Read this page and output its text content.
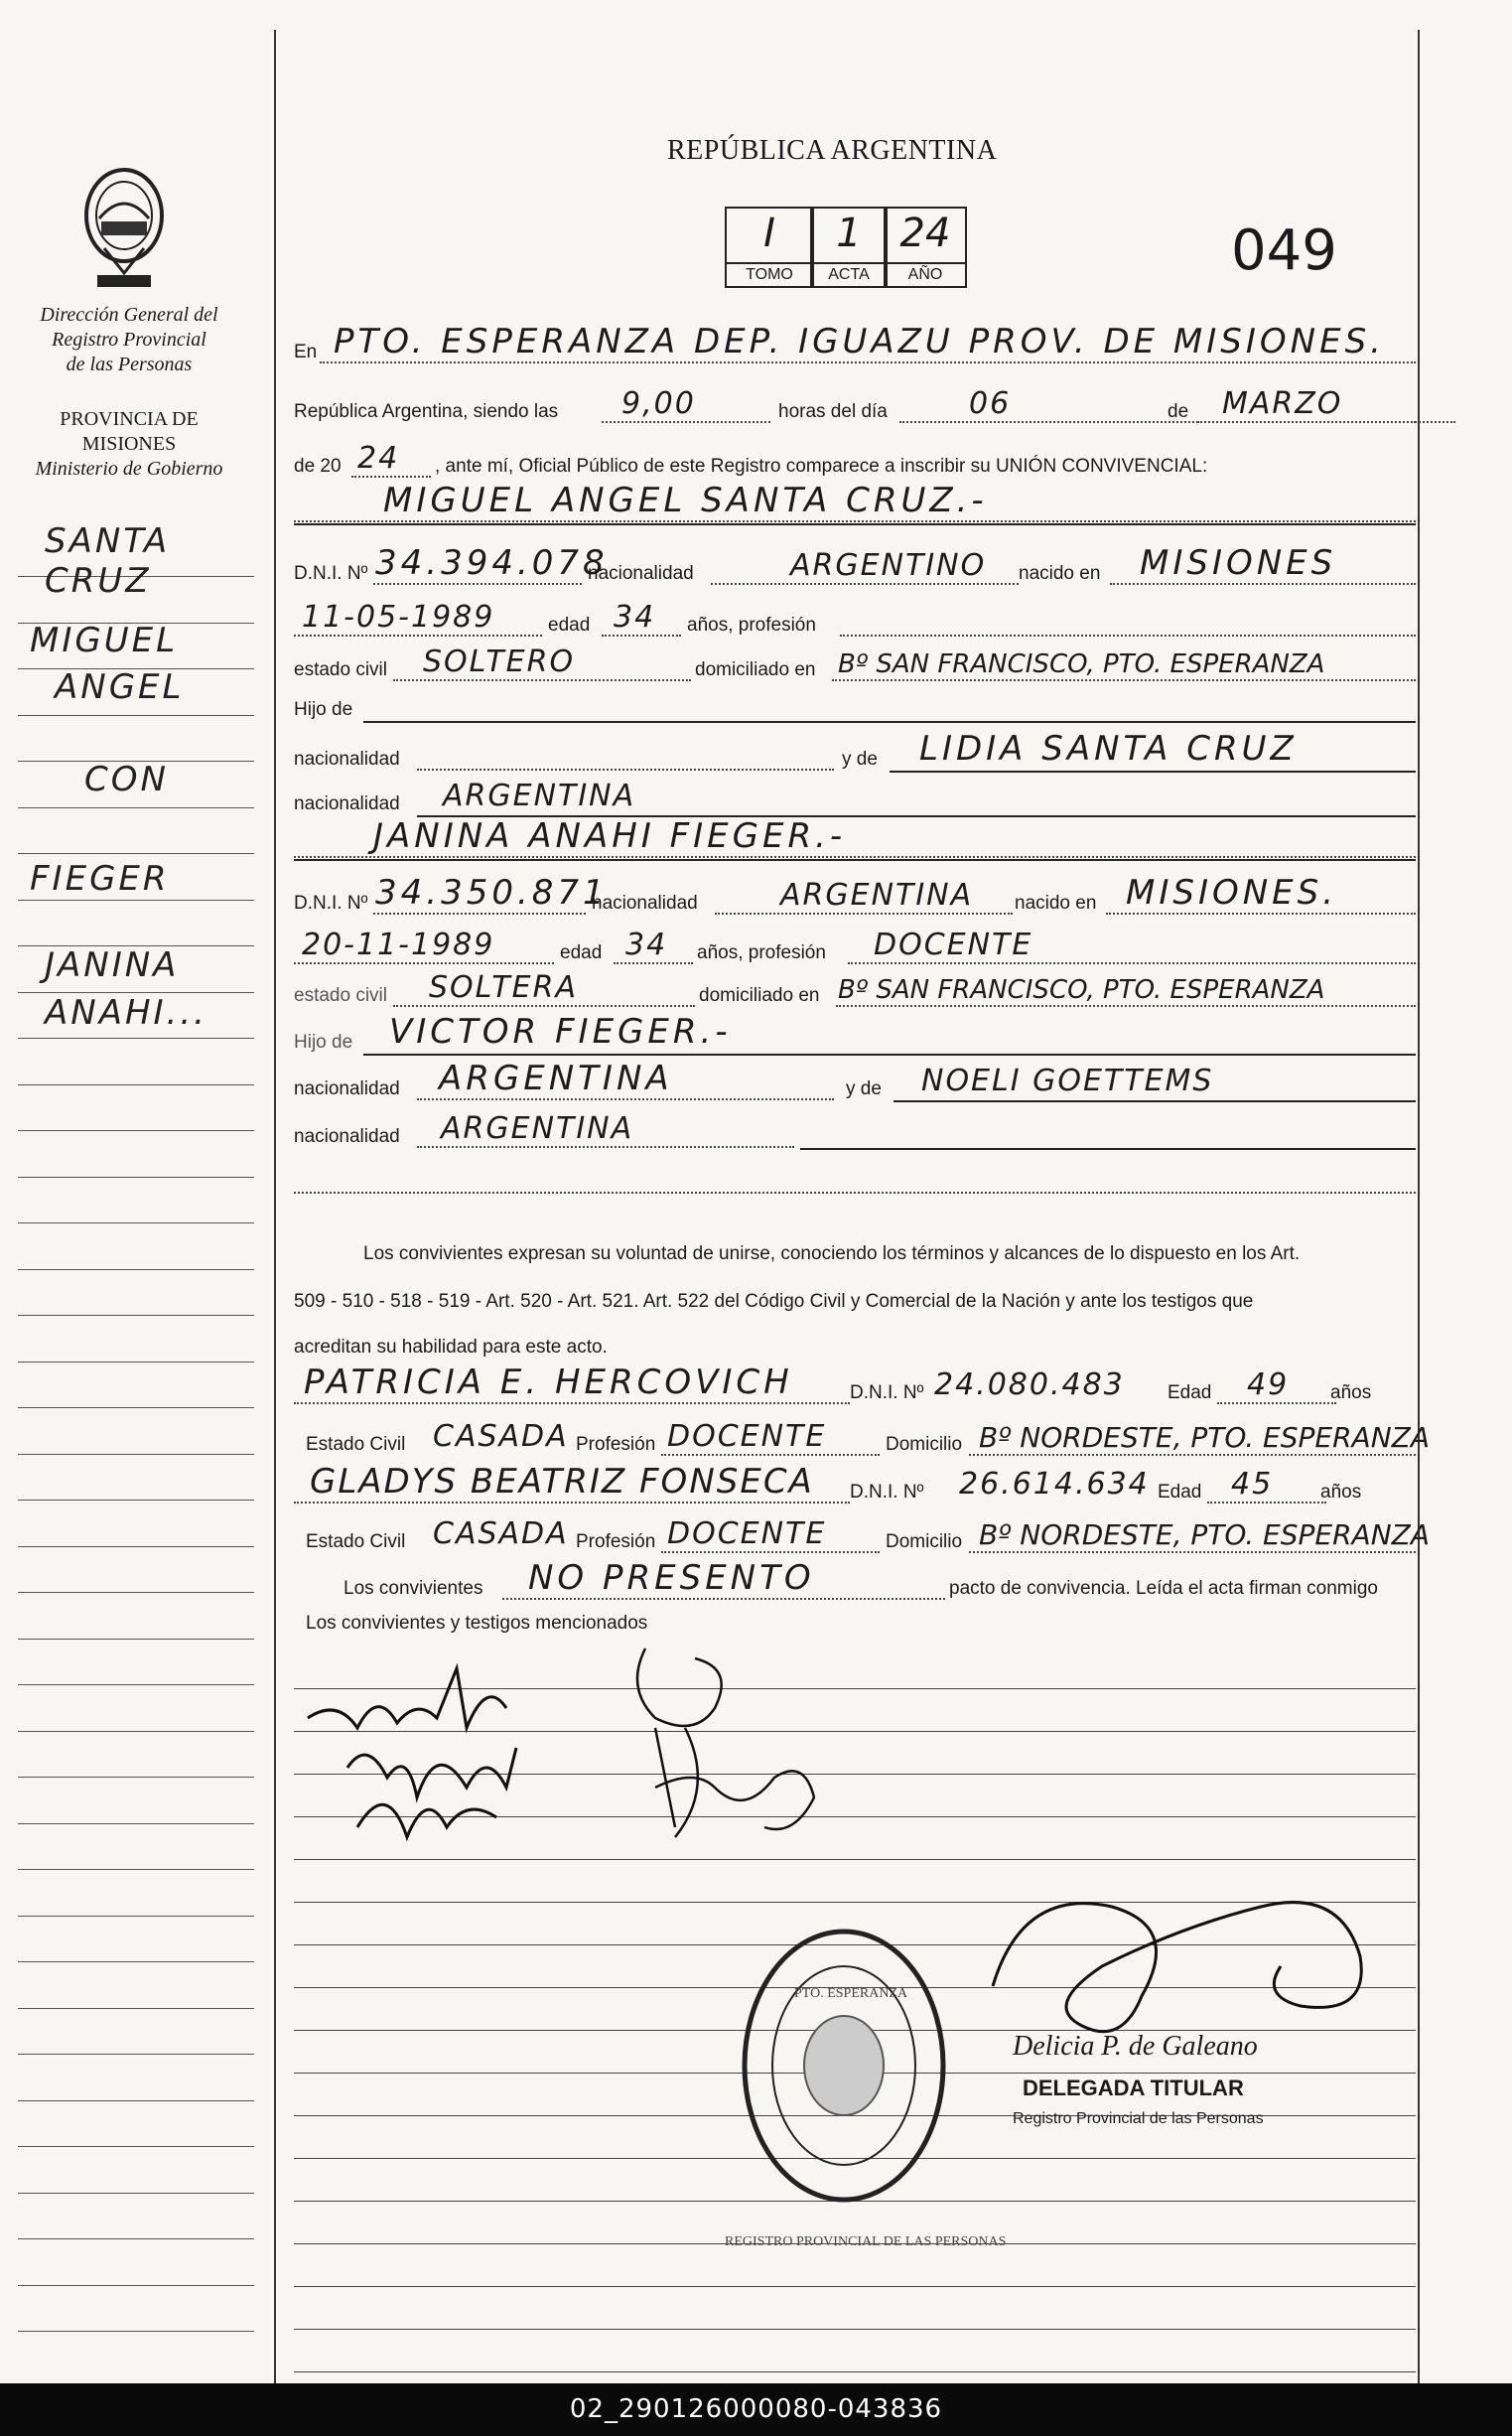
Dirección General del
Registro Provincial
de las Personas
PROVINCIA DE
MISIONES
Ministerio de Gobierno
SANTA CRUZ
MIGUEL
ANGEL
CON
FIEGER
JANINA
ANAHI...
REPÚBLICA ARGENTINA
I
TOMO
1
ACTA
24
AÑO	049
En PTO. ESPERANZA DEP. IGUAZU PROV. DE MISIONES.
República Argentina, siendo las 9,00	horas del día	06	de MARZO
de 20 24 , ante mí, Oficial Público de este Registro comparece a inscribir su UNIÓN CONVIVENCIAL:
MIGUEL ANGEL SANTA CRUZ.-
D.N.I. Nº 34.394.078
nacionalidad	ARGENTINO nacido en MISIONES
11-05-1989	edad 34 años, profesión
estado civil SOLTERO	domiciliado en Bº SAN FRANCISCO, PTO. ESPERANZA
Hijo de
nacionalidad	y de LIDIA SANTA CRUZ
nacionalidad ARGENTINA
JANINA ANAHI FIEGER.-
D.N.I. Nº 34.350.871
nacionalidad	ARGENTINA nacido en MISIONES.
20-11-1989	edad 34 años, profesión DOCENTE
estado civil SOLTERA	domiciliado en Bº SAN FRANCISCO, PTO. ESPERANZA
Hijo de VICTOR FIEGER.-
nacionalidad ARGENTINA	y de NOELI GOETTEMS
nacionalidad ARGENTINA
Los convivientes expresan su voluntad de unirse, conociendo los términos y alcances de lo dispuesto en los Art.
509 - 510 - 518 - 519 - Art. 520 - Art. 521. Art. 522 del Código Civil y Comercial de la Nación y ante los testigos que
acreditan su habilidad para este acto.
PATRICIA E. HERCOVICH	D.N.I. Nº 24.080.483 Edad 49 años
Estado Civil CASADA Profesión DOCENTE	Domicilio Bº NORDESTE, PTO. ESPERANZA
GLADYS BEATRIZ FONSECA D.N.I. Nº 26.614.634 Edad 45	años
Estado Civil CASADA Profesión DOCENTE	Domicilio Bº NORDESTE, PTO. ESPERANZA
Los convivientes NO PRESENTO	pacto de convivencia. Leída el acta firman conmigo
Los convivientes y testigos mencionados
REGISTRO PROVINCIAL DE LAS PERSONAS
PTO. ESPERANZA
Delicia P. de Galeano
DELEGADA TITULAR
Registro Provincial de las Personas
02_290126000080-043836
